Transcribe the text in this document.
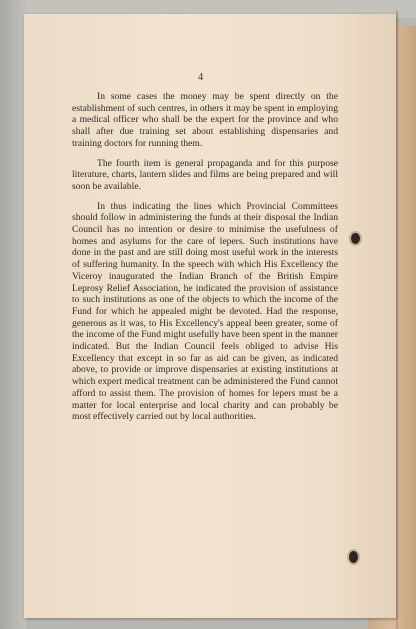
4

In some cases the money may be spent directly on the establishment of such centres, in others it may be spent in employing a medical officer who shall be the expert for the province and who shall after due training set about establishing dispensaries and training doctors for running them.

The fourth item is general propaganda and for this purpose literature, charts, lantern slides and films are being prepared and will soon be available.

In thus indicating the lines which Provincial Committees should follow in administering the funds at their disposal the Indian Council has no intention or desire to minimise the usefulness of homes and asylums for the care of lepers. Such institutions have done in the past and are still doing most useful work in the interests of suffering humanity. In the speech with which His Excellency the Viceroy inaugurated the Indian Branch of the British Empire Leprosy Relief Association, he indicated the provision of assistance to such institutions as one of the objects to which the income of the Fund for which he appealed might be devoted. Had the response, generous as it was, to His Excellency's appeal been greater, some of the income of the Fund might usefully have been spent in the manner indicated. But the Indian Council feels obliged to advise His Excellency that except in so far as aid can be given, as indicated above, to provide or improve dispensaries at existing institutions at which expert medical treatment can be administered the Fund cannot afford to assist them. The provision of homes for lepers must be a matter for local enterprise and local charity and can probably be most effectively carried out by local authorities.
